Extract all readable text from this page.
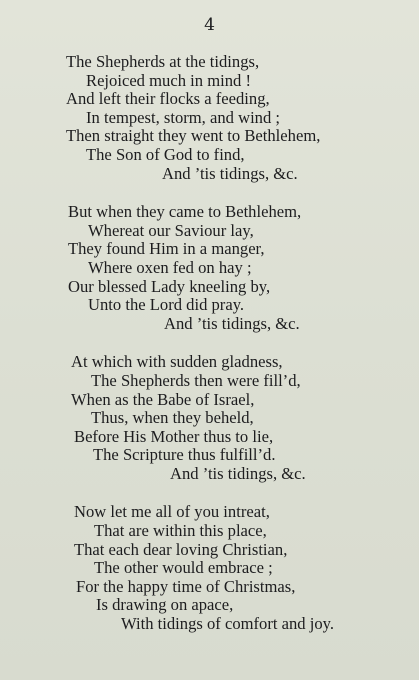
4
The Shepherds at the tidings,
Rejoiced much in mind !
And left their flocks a feeding,
In tempest, storm, and wind ;
Then straight they went to Bethlehem,
The Son of God to find,
And ’tis tidings, &c.
But when they came to Bethlehem,
Whereat our Saviour lay,
They found Him in a manger,
Where oxen fed on hay ;
Our blessed Lady kneeling by,
Unto the Lord did pray.
And ’tis tidings, &c.
At which with sudden gladness,
The Shepherds then were fill’d,
When as the Babe of Israel,
Thus, when they beheld,
Before His Mother thus to lie,
The Scripture thus fulfill’d.
And ’tis tidings, &c.
Now let me all of you intreat,
That are within this place,
That each dear loving Christian,
The other would embrace ;
For the happy time of Christmas,
Is drawing on apace,
With tidings of comfort and joy.
